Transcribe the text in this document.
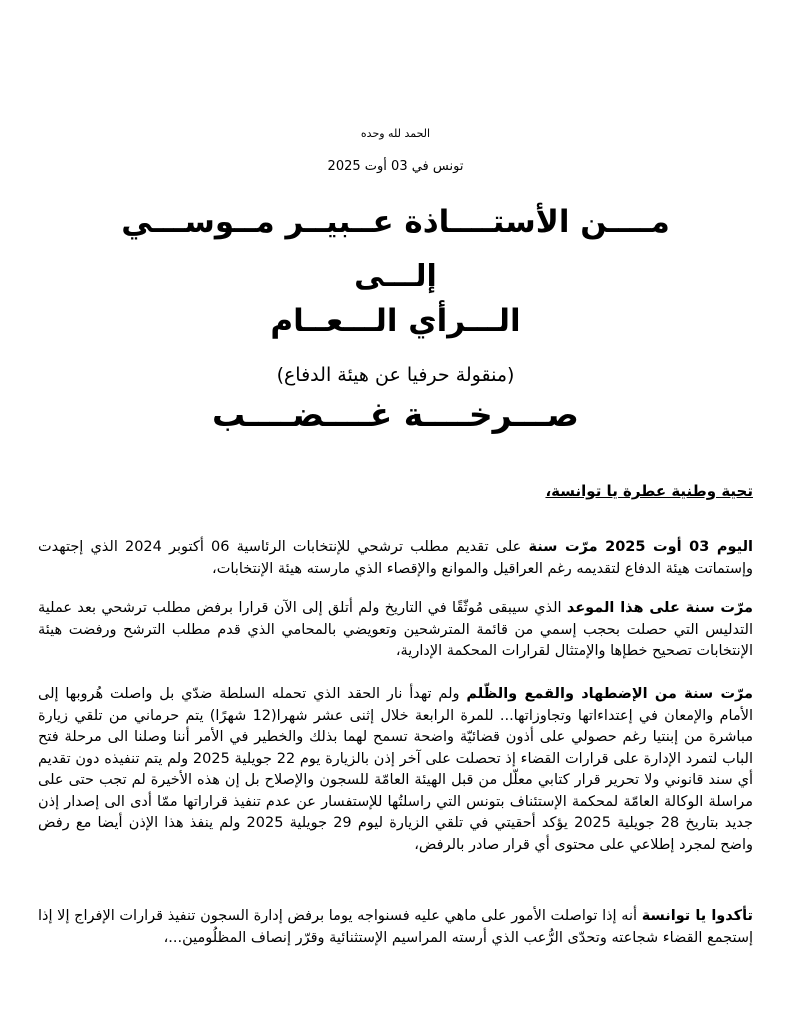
الحمد لله وحده
تونس في 03 أوت 2025
مــــن الأستــــاذة عــبيــر مــوســـي
إلـــى
الـــرأي الـــعــام
(منقولة حرفيا عن هيئة الدفاع)
صـــرخــــة غــــضــــب
تحية وطنية عطرة يا توانسة،
اليوم 03 أوت 2025 مرّت سنة على تقديم مطلب ترشحي للإنتخابات الرئاسية 06 أكتوبر 2024 الذي إجتهدت وإستماتت هيئة الدفاع لتقديمه رغم العراقيل والموانع والإقصاء الذي مارسته هيئة الإنتخابات،
مرّت سنة على هذا الموعد الذي سيبقى مُوثّقًا في التاريخ ولم أتلق إلى الآن قرارا برفض مطلب ترشحي بعد عملية التدليس التي حصلت بحجب إسمي من قائمة المترشحين وتعويضي بالمحامي الذي قدم مطلب الترشح ورفضت هيئة الإنتخابات تصحيح خطإها والإمتثال لقرارات المحكمة الإدارية،
مرّت سنة من الإضطهاد والقمع والظّلم ولم تهدأ نار الحقد الذي تحمله السلطة ضدّي بل واصلت هُروبها إلى الأمام والإمعان في إعتداءاتها وتجاوزاتها... للمرة الرابعة خلال إثنى عشر شهرا(12 شهرًا) يتم حرماني من تلقي زيارة مباشرة من إبنتيا رغم حصولي على أذون قضائيّة واضحة تسمح لهما بذلك والخطير في الأمر أننا وصلنا الى مرحلة فتح الباب لتمرد الإدارة على قرارات القضاء إذ تحصلت على آخر إذن بالزيارة يوم 22 جويلية 2025 ولم يتم تنفيذه دون تقديم أي سند قانوني ولا تحرير قرار كتابي معلّل من قبل الهيئة العامّة للسجون والإصلاح بل إن هذه الأخيرة لم تجب حتى على مراسلة الوكالة العامّة لمحكمة الإستئناف بتونس التي راسلتُها للإستفسار عن عدم تنفيذ قراراتها ممّا أدى الى إصدار إذن جديد بتاريخ 28 جويلية 2025 يؤكد أحقيتي في تلقي الزيارة ليوم 29 جويلية 2025 ولم ينفذ هذا الإذن أيضا مع رفض واضح لمجرد إطلاعي على محتوى أي قرار صادر بالرفض،
تأكدوا يا توانسة أنه إذا تواصلت الأمور على ماهي عليه فسنواجه يوما برفض إدارة السجون تنفيذ قرارات الإفراج إلا إذا إستجمع القضاء شجاعته وتحدّى الرُّعب الذي أرسته المراسيم الإستثنائية وقرّر إنصاف المظلُومين...،
